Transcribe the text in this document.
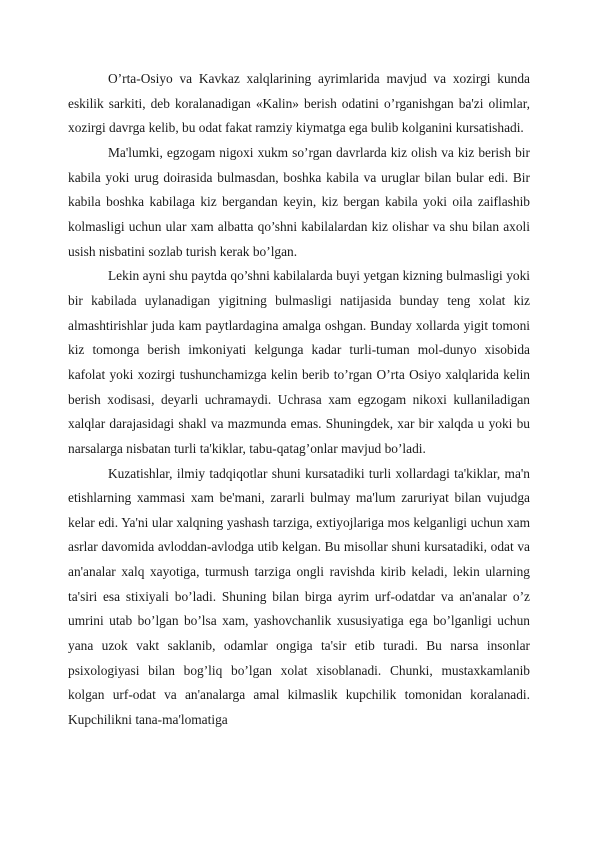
O’rta-Osiyo va Kavkaz xalqlarining ayrimlarida mavjud va xozirgi kunda eskilik sarkiti, deb koralanadigan «Kalin» berish odatini o’rganishgan ba'zi olimlar, xozirgi davrga kelib, bu odat fakat ramziy kiymatga ega bulib kolganini kursatishadi.

Ma'lumki, egzogam nigoxi xukm so’rgan davrlarda kiz olish va kiz berish bir kabila yoki urug doirasida bulmasdan, boshka kabila va uruglar bilan bular edi. Bir kabila boshka kabilaga kiz bergandan keyin, kiz bergan kabila yoki oila zaiflashib kolmasligi uchun ular xam albatta qo’shni kabilalardan kiz olishar va shu bilan axoli usish nisbatini sozlab turish kerak bo’lgan.

Lekin ayni shu paytda qo’shni kabilalarda buyi yetgan kizning bulmasligi yoki bir kabilada uylanadigan yigitning bulmasligi natijasida bunday teng xolat kiz almashtirishlar juda kam paytlardagina amalga oshgan. Bunday xollarda yigit tomoni kiz tomonga berish imkoniyati kelgunga kadar turli-tuman mol-dunyo xisobida kafolat yoki xozirgi tushunchamizga kelin berib to’rgan O’rta Osiyo xalqlarida kelin berish xodisasi, deyarli uchramaydi. Uchrasa xam egzogam nikoxi kullaniladigan xalqlar darajasidagi shakl va mazmunda emas. Shuningdek, xar bir xalqda u yoki bu narsalarga nisbatan turli ta'kiklar, tabu-qatag’onlar mavjud bo’ladi.

Kuzatishlar, ilmiy tadqiqotlar shuni kursatadiki turli xollardagi ta'kiklar, ma'n etishlarning xammasi xam be'mani, zararli bulmay ma'lum zaruriyat bilan vujudga kelar edi. Ya'ni ular xalqning yashash tarziga, extiyojlariga mos kelganligi uchun xam asrlar davomida avloddan-avlodga utib kelgan. Bu misollar shuni kursatadiki, odat va an'analar xalq xayotiga, turmush tarziga ongli ravishda kirib keladi, lekin ularning ta'siri esa stixiyali bo’ladi. Shuning bilan birga ayrim urf-odatdar va an'analar o’z umrini utab bo’lgan bo’lsa xam, yashovchanlik xususiyatiga ega bo’lganligi uchun yana uzok vakt saklanib, odamlar ongiga ta'sir etib turadi. Bu narsa insonlar psixologiyasi bilan bog’liq bo’lgan xolat xisoblanadi. Chunki, mustaxkamlanib kolgan urf-odat va an'analarga amal kilmaslik kupchilik tomonidan koralanadi. Kupchilikni tana-ma'lomatiga
